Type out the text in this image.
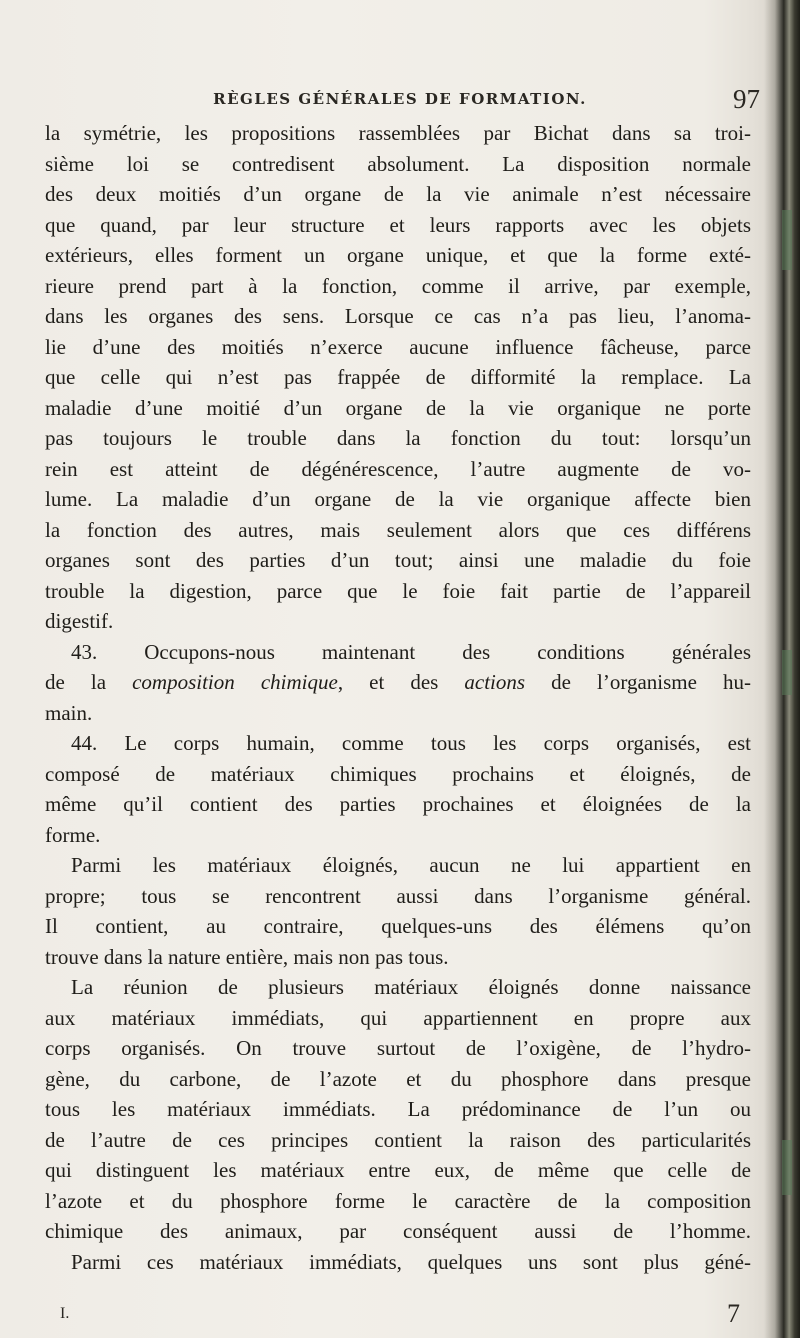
RÈGLES GÉNÉRALES DE FORMATION.	97
la symétrie, les propositions rassemblées par Bichat dans sa troi-
sième loi se contredisent absolument. La disposition normale
des deux moitiés d’un organe de la vie animale n’est nécessaire
que quand, par leur structure et leurs rapports avec les objets
extérieurs, elles forment un organe unique, et que la forme exté-
rieure prend part à la fonction, comme il arrive, par exemple,
dans les organes des sens. Lorsque ce cas n’a pas lieu, l’anoma-
lie d’une des moitiés n’exerce aucune influence fâcheuse, parce
que celle qui n’est pas frappée de difformité la remplace. La
maladie d’une moitié d’un organe de la vie organique ne porte
pas toujours le trouble dans la fonction du tout: lorsqu’un
rein est atteint de dégénérescence, l’autre augmente de vo-
lume. La maladie d’un organe de la vie organique affecte bien
la fonction des autres, mais seulement alors que ces différens
organes sont des parties d’un tout; ainsi une maladie du foie
trouble la digestion, parce que le foie fait partie de l’appareil
digestif.
43. Occupons-nous maintenant des conditions générales
de la composition chimique, et des actions de l’organisme hu-
main.
44. Le corps humain, comme tous les corps organisés, est
composé de matériaux chimiques prochains et éloignés, de
même qu’il contient des parties prochaines et éloignées de la
forme.
Parmi les matériaux éloignés, aucun ne lui appartient en
propre; tous se rencontrent aussi dans l’organisme général.
Il contient, au contraire, quelques-uns des élémens qu’on
trouve dans la nature entière, mais non pas tous.
La réunion de plusieurs matériaux éloignés donne naissance
aux matériaux immédiats, qui appartiennent en propre aux
corps organisés. On trouve surtout de l’oxigène, de l’hydro-
gène, du carbone, de l’azote et du phosphore dans presque
tous les matériaux immédiats. La prédominance de l’un ou
de l’autre de ces principes contient la raison des particularités
qui distinguent les matériaux entre eux, de même que celle de
l’azote et du phosphore forme le caractère de la composition
chimique des animaux, par conséquent aussi de l’homme.
Parmi ces matériaux immédiats, quelques uns sont plus géné-
I.	7
